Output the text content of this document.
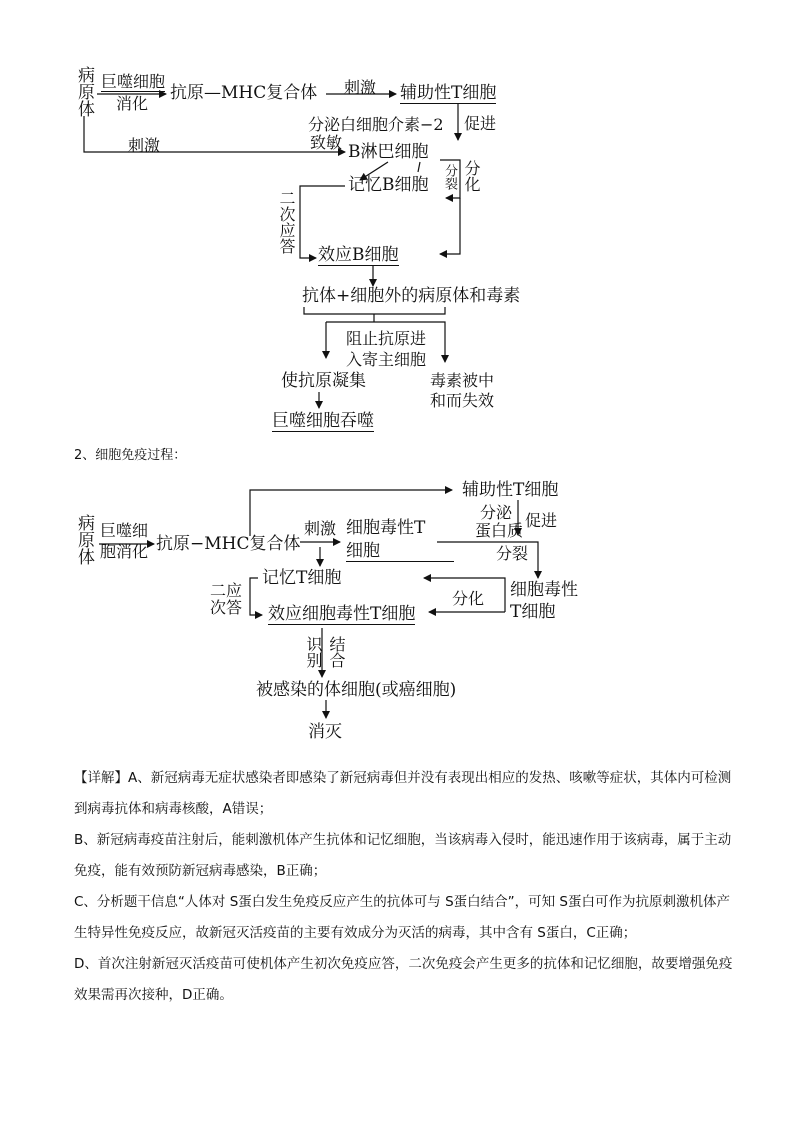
病原体 巨噬细胞
消化
抗原—MHC复合体 刺激 辅助性T细胞
分泌白细胞介素−2 促进
致敏
刺激	B淋巴细胞
分裂 分化
二次应答
记忆B细胞
效应B细胞
抗体+细胞外的病原体和毒素
阻止抗原进
入寄主细胞
使抗原凝集	毒素被中
和而失效
巨噬细胞吞噬
2、细胞免疫过程：
病原体 巨噬细
胞消化 抗原−MHC复合体
刺激
辅助性T细胞
细胞毒性T
细胞
分泌
蛋白质
促进
分裂
记忆T细胞
二应次答	分化 细胞毒性
T细胞
效应细胞毒性T细胞
识别 结合
被感染的体细胞(或癌细胞)
消灭
【详解】A、新冠病毒无症状感染者即感染了新冠病毒但并没有表现出相应的发热、咳嗽等症状，其体内可检测到病毒抗体和病毒核酸，A错误；
B、新冠病毒疫苗注射后，能刺激机体产生抗体和记忆细胞，当该病毒入侵时，能迅速作用于该病毒，属于主动免疫，能有效预防新冠病毒感染，B正确；
C、分析题干信息“人体对 S蛋白发生免疫反应产生的抗体可与 S蛋白结合”，可知 S蛋白可作为抗原刺激机体产生特异性免疫反应，故新冠灭活疫苗的主要有效成分为灭活的病毒，其中含有 S蛋白，C正确；
D、首次注射新冠灭活疫苗可使机体产生初次免疫应答，二次免疫会产生更多的抗体和记忆细胞，故要增强免疫效果需再次接种，D正确。
